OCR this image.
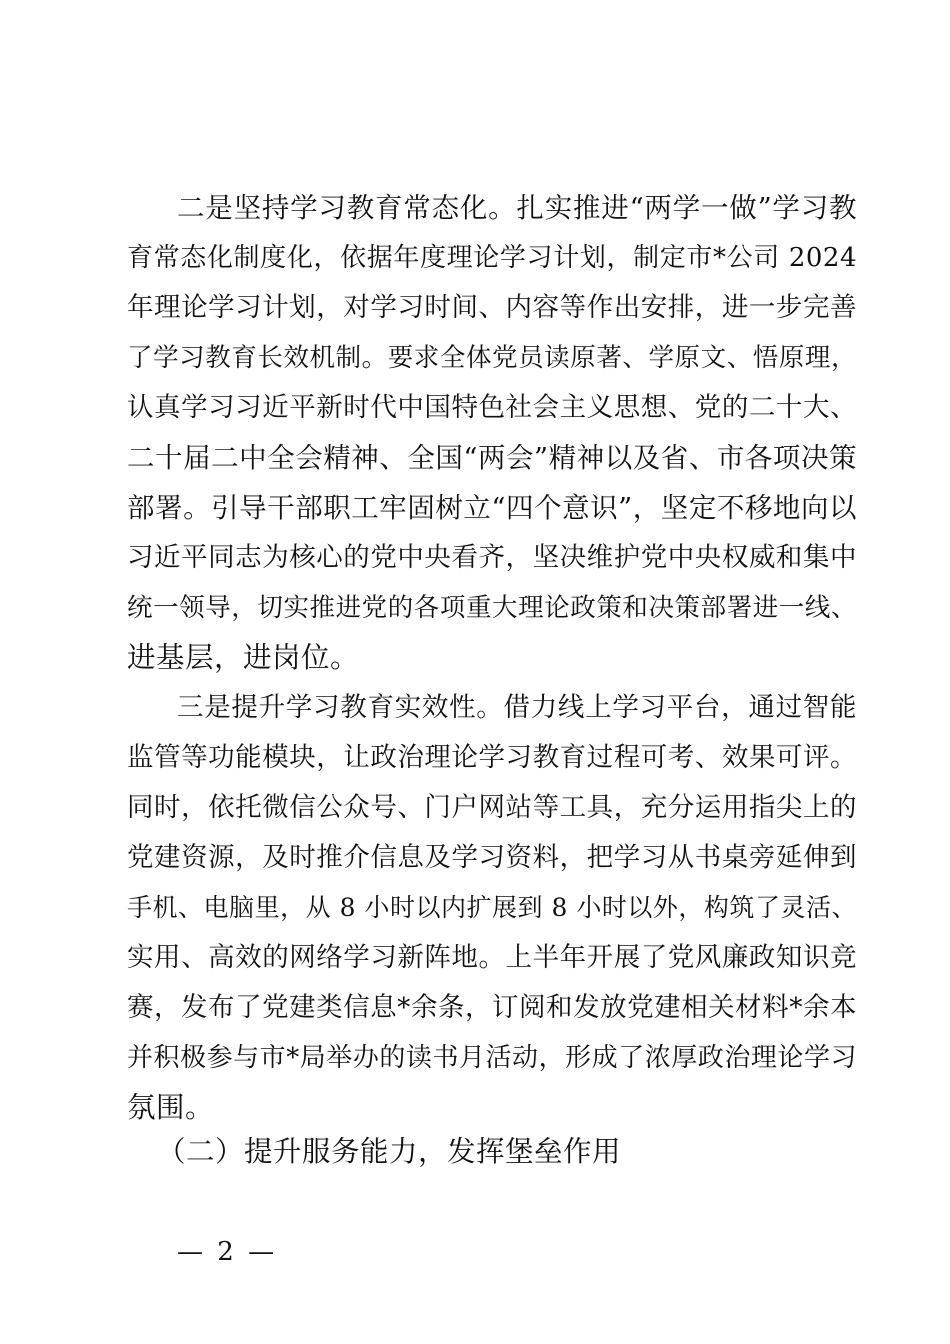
二是坚持学习教育常态化。扎实推进“两学一做”学习教
育常态化制度化，依据年度理论学习计划，制定市*公司 2024
年理论学习计划，对学习时间、内容等作出安排，进一步完善
了学习教育长效机制。要求全体党员读原著、学原文、悟原理，
认真学习习近平新时代中国特色社会主义思想、党的二十大、
二十届二中全会精神、全国“两会”精神以及省、市各项决策
部署。引导干部职工牢固树立“四个意识”，坚定不移地向以
习近平同志为核心的党中央看齐，坚决维护党中央权威和集中
统一领导，切实推进党的各项重大理论政策和决策部署进一线、
进基层，进岗位。
三是提升学习教育实效性。借力线上学习平台，通过智能
监管等功能模块，让政治理论学习教育过程可考、效果可评。
同时，依托微信公众号、门户网站等工具，充分运用指尖上的
党建资源，及时推介信息及学习资料，把学习从书桌旁延伸到
手机、电脑里，从 8 小时以内扩展到 8 小时以外，构筑了灵活、
实用、高效的网络学习新阵地。上半年开展了党风廉政知识竞
赛，发布了党建类信息*余条，订阅和发放党建相关材料*余本
并积极参与市*局举办的读书月活动，形成了浓厚政治理论学习
氛围。
（二）提升服务能力，发挥堡垒作用
— 2 —
